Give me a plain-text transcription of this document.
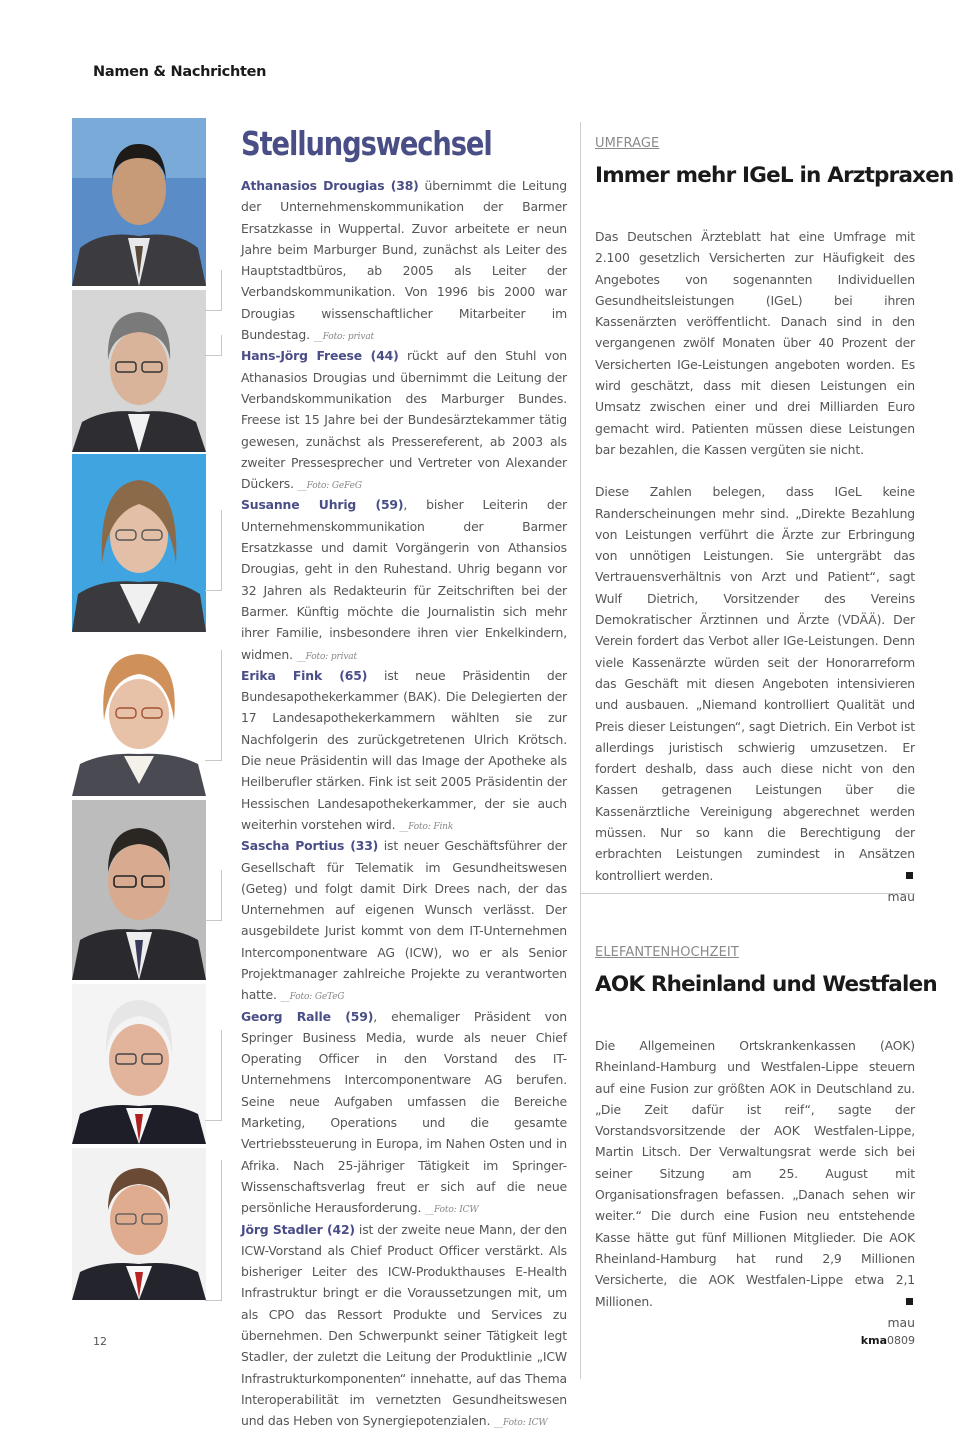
Namen & Nachrichten
Stellungswechsel
Athanasios Drougias (38) übernimmt die Leitung der Unternehmenskommunikation der Barmer Ersatzkasse in Wuppertal. Zuvor arbeitete er neun Jahre beim Marburger Bund, zunächst als Leiter des Hauptstadtbüros, ab 2005 als Leiter der Verbandskommunikation. Von 1996 bis 2000 war Drougias wissenschaftlicher Mitarbeiter im Bundestag. __ Foto: privat
Hans-Jörg Freese (44) rückt auf den Stuhl von Athanasios Drougias und übernimmt die Leitung der Verbandskommunikation des Marburger Bundes. Freese ist 15 Jahre bei der Bundesärztekammer tätig gewesen, zunächst als Pressereferent, ab 2003 als zweiter Pressesprecher und Vertreter von Alexander Dückers. __ Foto: GeFeG
Susanne Uhrig (59), bisher Leiterin der Unternehmenskommunikation der Barmer Ersatzkasse und damit Vorgängerin von Athansios Drougias, geht in den Ruhestand. Uhrig begann vor 32 Jahren als Redakteurin für Zeitschriften bei der Barmer. Künftig möchte die Journalistin sich mehr ihrer Familie, insbesondere ihren vier Enkelkindern, widmen. __ Foto: privat
Erika Fink (65) ist neue Präsidentin der Bundesapothekerkammer (BAK). Die Delegierten der 17 Landesapothekerkammern wählten sie zur Nachfolgerin des zurückgetretenen Ulrich Krötsch. Die neue Präsidentin will das Image der Apotheke als Heilberufler stärken. Fink ist seit 2005 Präsidentin der Hessischen Landesapothekerkammer, der sie auch weiterhin vorstehen wird. __ Foto: Fink
Sascha Portius (33) ist neuer Geschäftsführer der Gesellschaft für Telematik im Gesundheitswesen (Geteg) und folgt damit Dirk Drees nach, der das Unternehmen auf eigenen Wunsch verlässt. Der ausgebildete Jurist kommt von dem IT-Unternehmen Intercomponentware AG (ICW), wo er als Senior Projektmanager zahlreiche Projekte zu verantworten hatte. __ Foto: GeTeG
Georg Ralle (59), ehemaliger Präsident von Springer Business Media, wurde als neuer Chief Operating Officer in den Vorstand des IT-Unternehmens Intercomponentware AG berufen. Seine neue Aufgaben umfassen die Bereiche Marketing, Operations und die gesamte Vertriebssteuerung in Europa, im Nahen Osten und in Afrika. Nach 25-jähriger Tätigkeit im Springer-Wissenschaftsverlag freut er sich auf die neue persönliche Herausforderung. __ Foto: ICW
Jörg Stadler (42) ist der zweite neue Mann, der den ICW-Vorstand als Chief Product Officer verstärkt. Als bisheriger Leiter des ICW-Produkthauses E-Health Infrastruktur bringt er die Voraussetzungen mit, um als CPO das Ressort Produkte und Services zu übernehmen. Den Schwerpunkt seiner Tätigkeit legt Stadler, der zuletzt die Leitung der Produktlinie „ICW Infrastrukturkomponenten“ innehatte, auf das Thema Interoperabilität im vernetzten Gesundheitswesen und das Heben von Synergiepotenzialen. __ Foto: ICW
UMFRAGE
Immer mehr IGeL in Arztpraxen
Das Deutschen Ärzteblatt hat eine Umfrage mit 2.100 gesetzlich Versicherten zur Häufigkeit des Angebotes von sogenannten Individuellen Gesundheitsleistungen (IGeL) bei ihren Kassenärzten veröffentlicht. Danach sind in den vergangenen zwölf Monaten über 40 Prozent der Versicherten IGe-Leistungen angeboten worden. Es wird geschätzt, dass mit diesen Leistungen ein Umsatz zwischen einer und drei Milliarden Euro gemacht wird. Patienten müssen diese Leistungen bar bezahlen, die Kassen vergüten sie nicht.
Diese Zahlen belegen, dass IGeL keine Randerscheinungen mehr sind. „Direkte Bezahlung von Leistungen verführt die Ärzte zur Erbringung von unnötigen Leistungen. Sie untergräbt das Vertrauensverhältnis von Arzt und Patient“, sagt Wulf Dietrich, Vorsitzender des Vereins Demokratischer Ärztinnen und Ärzte (VDÄÄ). Der Verein fordert das Verbot aller IGe-Leistungen. Denn viele Kassenärzte würden seit der Honorarreform das Geschäft mit diesen Angeboten intensivieren und ausbauen. „Niemand kontrolliert Qualität und Preis dieser Leistungen“, sagt Dietrich. Ein Verbot ist allerdings juristisch schwierig umzusetzen. Er fordert deshalb, dass auch diese nicht von den Kassen getragenen Leistungen über die Kassenärztliche Vereinigung abgerechnet werden müssen. Nur so kann die Berechtigung der erbrachten Leistungen zumindest in Ansätzen kontrolliert werden.
mau
ELEFANTENHOCHZEIT
AOK Rheinland und Westfalen
Die Allgemeinen Ortskrankenkassen (AOK) Rheinland-Hamburg und Westfalen-Lippe steuern auf eine Fusion zur größten AOK in Deutschland zu. „Die Zeit dafür ist reif“, sagte der Vorstandsvorsitzende der AOK Westfalen-Lippe, Martin Litsch. Der Verwaltungsrat werde sich bei seiner Sitzung am 25. August mit Organisationsfragen befassen. „Danach sehen wir weiter.“ Die durch eine Fusion neu entstehende Kasse hätte gut fünf Millionen Mitglieder. Die AOK Rheinland-Hamburg hat rund 2,9 Millionen Versicherte, die AOK Westfalen-Lippe etwa 2,1 Millionen.
mau
12	kma0809
